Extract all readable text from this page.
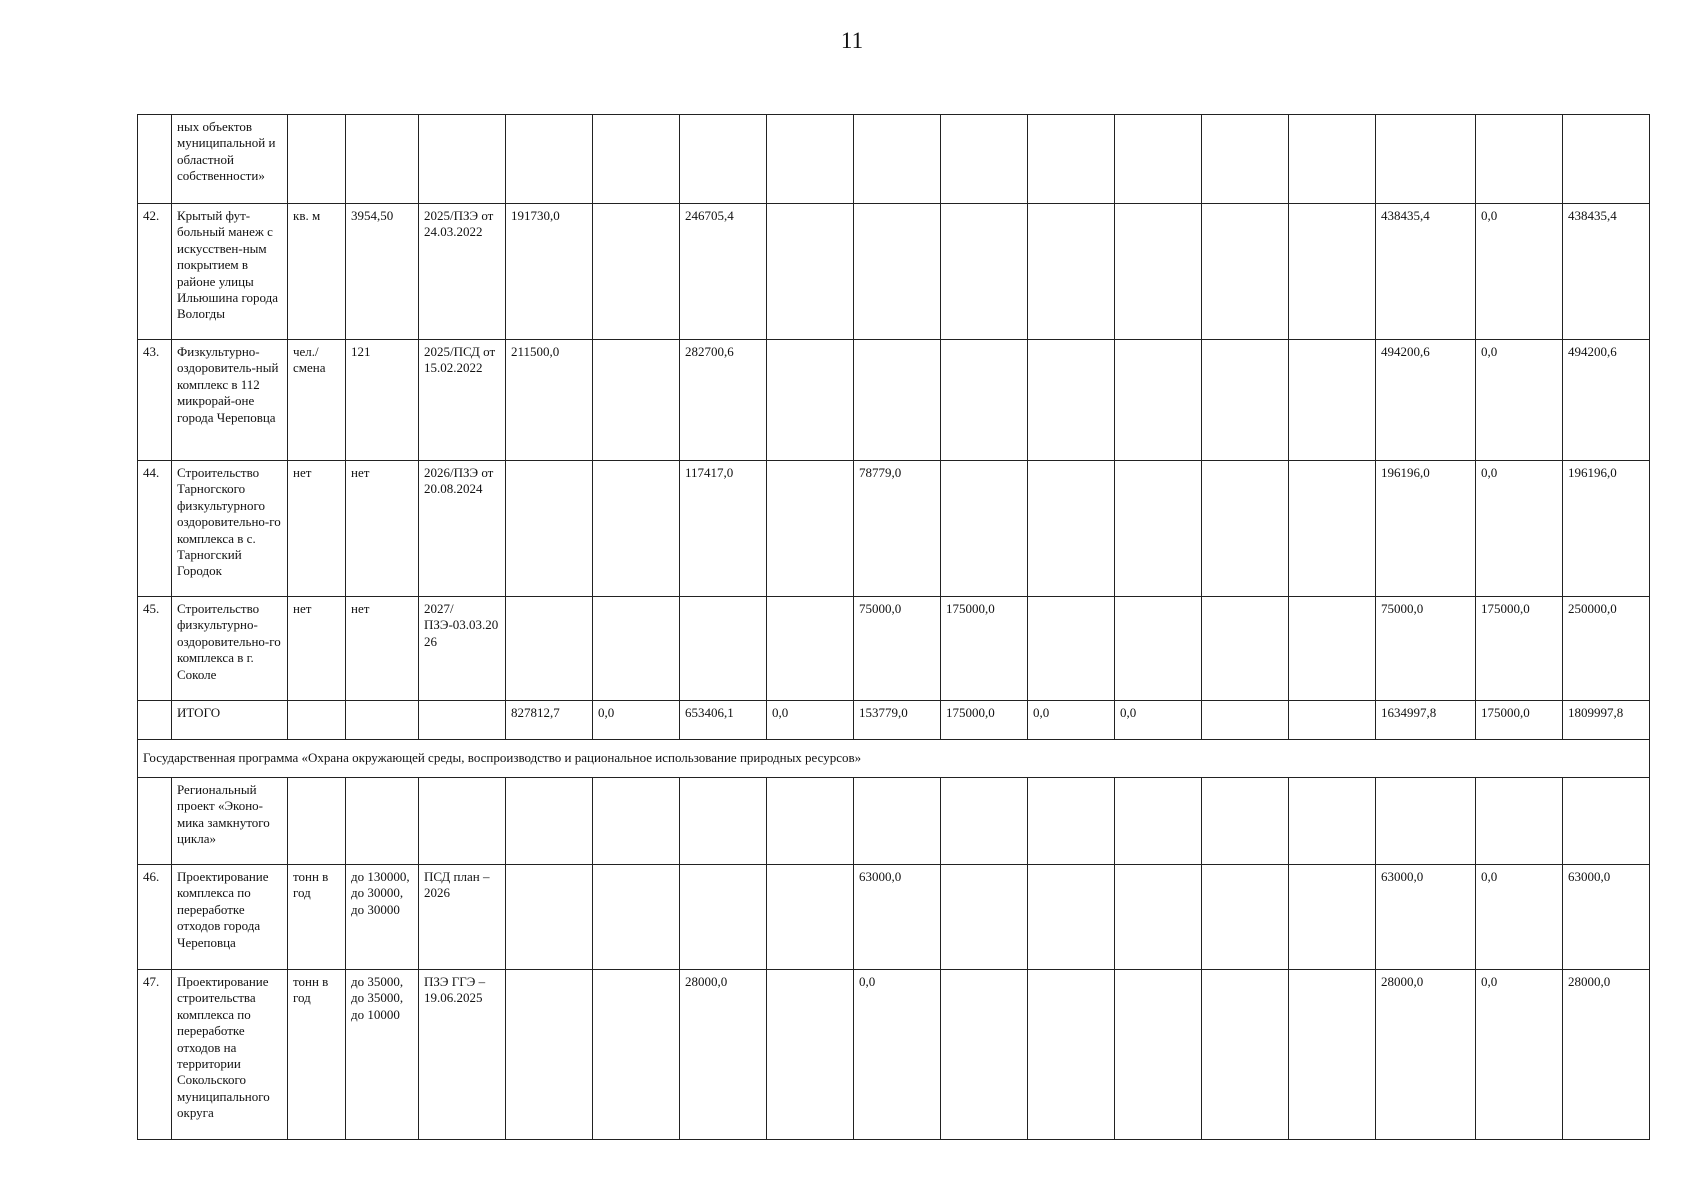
11
	ных объектов муниципальной и областной собственности»																
42.	Крытый фут-больный манеж с искусствен-ным покрытием в районе улицы Ильюшина города Вологды	кв. м	3954,50	2025/ПЗЭ от 24.03.2022	191730,0		246705,4								438435,4	0,0	438435,4
43.	Физкультурно-оздоровитель-ный комплекс в 112 микрорай-оне города Череповца	чел./ смена	121	2025/ПСД от 15.02.2022	211500,0		282700,6								494200,6	0,0	494200,6
44.	Строительство Тарногского физкультурного оздоровительно-го комплекса в с. Тарногский Городок	нет	нет	2026/ПЗЭ от 20.08.2024			117417,0		78779,0						196196,0	0,0	196196,0
45.	Строительство физкультурно-оздоровительно-го комплекса в г. Соколе	нет	нет	2027/ПЗЭ-03.03.2026					75000,0	175000,0					75000,0	175000,0	250000,0
	ИТОГО				827812,7	0,0	653406,1	0,0	153779,0	175000,0	0,0	0,0			1634997,8	175000,0	1809997,8
Государственная программа «Охрана окружающей среды, воспроизводство и рациональное использование природных ресурсов»																	
	Региональный проект «Эконо-мика замкнутого цикла»																
46.	Проектирование комплекса по переработке отходов города Череповца	тонн в год	до 130000, до 30000, до 30000	ПСД план – 2026					63000,0						63000,0	0,0	63000,0
47.	Проектирование строительства комплекса по переработке отходов на территории Сокольского муниципального округа	тонн в год	до 35000, до 35000, до 10000	ПЗЭ ГГЭ – 19.06.2025			28000,0		0,0						28000,0	0,0	28000,0
